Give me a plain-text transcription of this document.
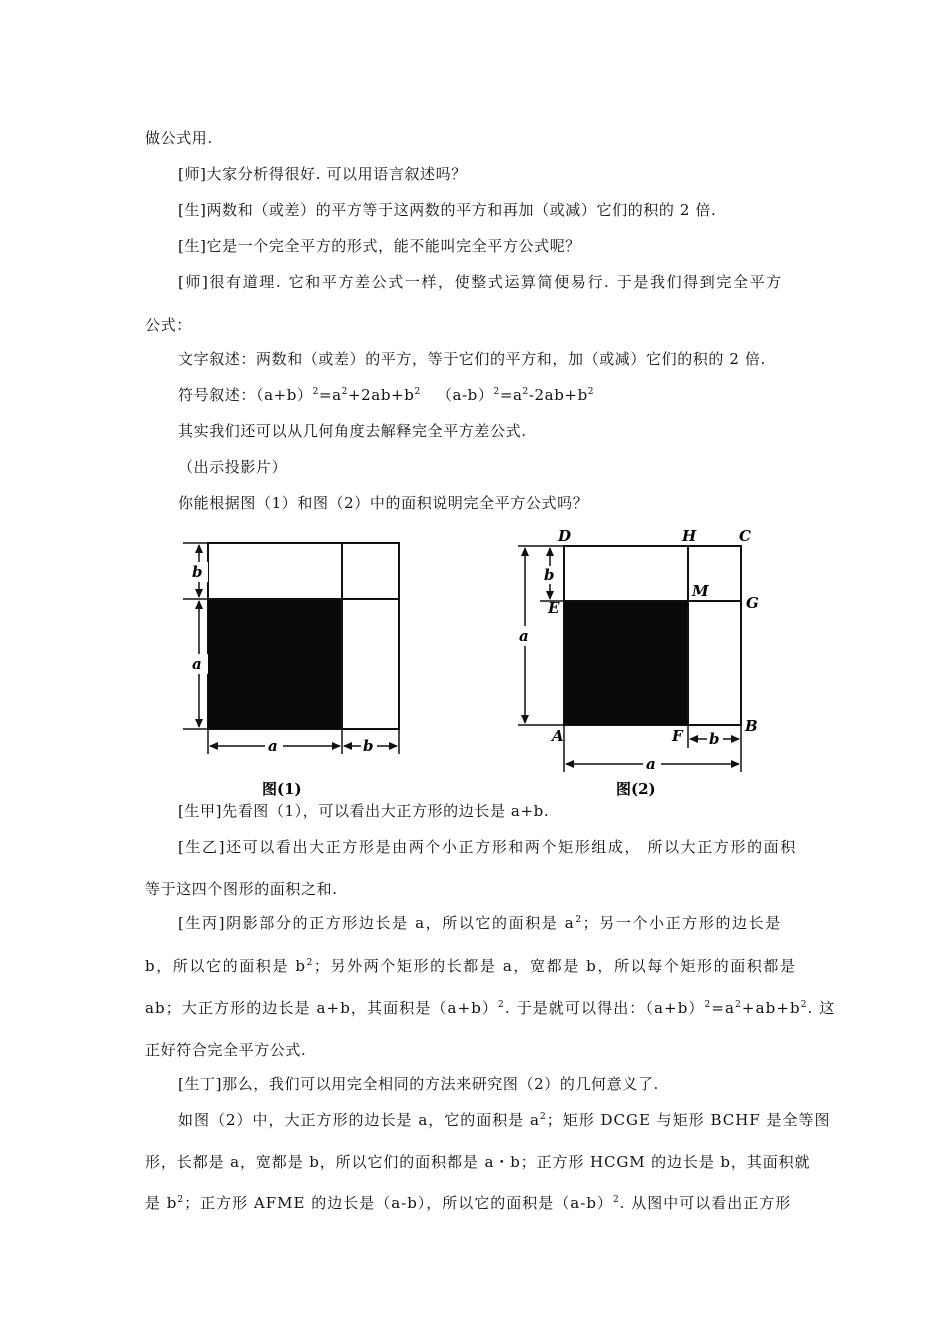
做公式用.
[师]大家分析得很好. 可以用语言叙述吗？
[生]两数和（或差）的平方等于这两数的平方和再加（或减）它们的积的 2 倍.
[生]它是一个完全平方的形式，能不能叫完全平方公式呢？
[师]很有道理. 它和平方差公式一样，使整式运算简便易行. 于是我们得到完全平方
公式：
文字叙述：两数和（或差）的平方，等于它们的平方和，加（或减）它们的积的 2 倍.
符号叙述：$(a+b)^2=a^2+2ab+b^2$   $(a-b)^2=a^2-2ab+b^2$
其实我们还可以从几何角度去解释完全平方差公式.
（出示投影片）
你能根据图（1）和图（2）中的面积说明完全平方公式吗？
b
a
a	b
图(1)
b
a
b
a
D	H	C
M
E	G
A	F
B
图(2)
[生甲]先看图（1），可以看出大正方形的边长是 a+b.
[生乙]还可以看出大正方形是由两个小正方形和两个矩形组成， 所以大正方形的面积
等于这四个图形的面积之和.
[生丙]阴影部分的正方形边长是 a，所以它的面积是 $a^2$；另一个小正方形的边长是
b，所以它的面积是 $b^2$；另外两个矩形的长都是 a，宽都是 b，所以每个矩形的面积都是
ab；大正方形的边长是 a+b，其面积是$(a+b)^2$. 于是就可以得出：$(a+b)^2=a^2+ab+b^2$. 这
正好符合完全平方公式.
[生丁]那么，我们可以用完全相同的方法来研究图（2）的几何意义了.
如图（2）中，大正方形的边长是 a，它的面积是 $a^2$；矩形 DCGE 与矩形 BCHF 是全等图
形，长都是 a，宽都是 b，所以它们的面积都是 a・b；正方形 HCGM 的边长是 b，其面积就
是 $b^2$；正方形 AFME 的边长是（a-b），所以它的面积是$(a-b)^2$. 从图中可以看出正方形
